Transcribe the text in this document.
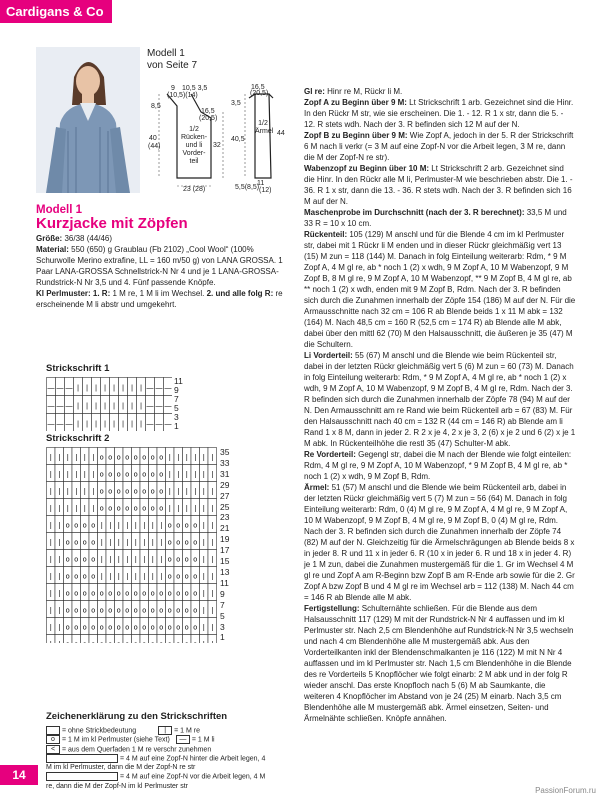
Cardigans & Co
Modell 1
von Seite 7
9 10,5 3,5
(10,5)(14)
16,5
(20,5)
8,5
40
(44)
1/2
Rücken-
und li
Vorder-
teil
32
23 (28)
16,5
(20,5)
3,5
1/2
Ärmel
40,5
44
5,5(8,5)
11
(12)
Modell 1
Kurzjacke mit Zöpfen

Größe: 36/38 (44/46)

Material: 550 (650) g Graublau (Fb 2102) „Cool Wool“ (100% Schurwolle Merino extrafine, LL = 160 m/50 g) von LANA GROSSA. 1 Paar LANA-GROSSA Schnellstrick-N Nr 4 und je 1 LANA-GROSSA-Rundstrick-N Nr 3,5 und 4. Fünf passende Knöpfe.

Kl Perlmuster: 1. R: 1 M re, 1 M li im Wechsel. 2. und alle folg R: re erscheinende M li abstr und umgekehrt.

Strickschrift 1
— — — | | | | | | | | — — —
— — — | | | | | | | | — — —
— — — | | | | | | | | — — —
11
9
7
5
3
1
Strickschrift 2
| | | | | | o o o o o o o o | | | | | |
| | | | | | o o o o o o o o | | | | | |
| | | | | | o o o o o o o o | | | | | |
| | | | | | o o o o o o o o | | | | | |
| | o o o o | | | | | | | | o o o o | |
| | o o o o | | | | | | | | o o o o | |
| | o o o o | | | | | | | | o o o o | |
| | o o o o | | | | | | | | o o o o | |
| | o o o o o o o o o o o o o o o o | |
| | o o o o o o o o o o o o o o o o | |
| | o o o o o o o o o o o o o o o o | |
35
33
31
29
27
25
23
21
19
17
15
13
11
9
7
5
3
1
Zeichenerklärung zu den Strickschriften
= ohne Strickbedeutung	| = 1 M re
o = 1 M im kl Perlmuster (siehe Text)	— = 1 M li
< = aus dem Querfaden 1 M re verschr zunehmen
= 4 M auf eine Zopf-N hinter die Arbeit legen, 4 M im kl Perlmuster, dann die M der Zopf-N re str
= 4 M auf eine Zopf-N vor die Arbeit legen, 4 M re, dann die M der Zopf-N im kl Perlmuster str

Gl re: Hinr re M, Rückr li M.

Zopf A zu Beginn über 9 M: Lt Strickschrift 1 arb. Gezeichnet sind die Hinr. In den Rückr M str, wie sie erscheinen. Die 1. - 12. R 1 x str, dann die 5. - 12. R stets wdh. Nach der 3. R befinden sich 12 M auf der N.

Zopf B zu Beginn über 9 M: Wie Zopf A, jedoch in der 5. R der Strickschrift 6 M nach li verkr (= 3 M auf eine Zopf-N vor die Arbeit legen, 3 M re, dann die M der Zopf-N re str).

Wabenzopf zu Beginn über 10 M: Lt Strickschrift 2 arb. Gezeichnet sind die Hinr. In den Rückr alle M li, Perlmuster-M wie beschrieben abstr. Die 1. - 36. R 1 x str, dann die 13. - 36. R stets wdh. Nach der 3. R befinden sich 16 M auf der N.

Maschenprobe im Durchschnitt (nach der 3. R berechnet): 33,5 M und 33 R = 10 x 10 cm.

Rückenteil: 105 (129) M anschl und für die Blende 4 cm im kl Perlmuster str, dabei mit 1 Rückr li M enden und in dieser Rückr gleichmäßig vert 13 (15) M zun = 118 (144) M. Danach in folg Einteilung weiterarb: Rdm, * 9 M Zopf A, 4 M gl re, ab * noch 1 (2) x wdh, 9 M Zopf A, 10 M Wabenzopf, 9 M Zopf B, 8 M gl re, 9 M Zopf A, 10 M Wabenzopf, ** 9 M Zopf B, 4 M gl re, ab ** noch 1 (2) x wdh, enden mit 9 M Zopf B, Rdm. Nach der 3. R befinden sich durch die Zunahmen innerhalb der Zöpfe 154 (186) M auf der N. Für die Armausschnitte nach 32 cm = 106 R ab Blende beids 1 x 11 M abk = 132 (164) M. Nach 48,5 cm = 160 R (52,5 cm = 174 R) ab Blende alle M abk, dabei über den mittl 62 (70) M den Halsausschnitt, die äußeren je 35 (47) M die Schultern.

Li Vorderteil: 55 (67) M anschl und die Blende wie beim Rückenteil str, dabei in der letzten Rückr gleichmäßig vert 5 (6) M zun = 60 (73) M. Danach in folg Einteilung weiterarb: Rdm, * 9 M Zopf A, 4 M gl re, ab * noch 1 (2) x wdh, 9 M Zopf A, 10 M Wabenzopf, 9 M Zopf B, 4 M gl re, Rdm. Nach der 3. R befinden sich durch die Zunahmen innerhalb der Zöpfe 78 (94) M auf der N. Den Armausschnitt am re Rand wie beim Rückenteil arb = 67 (83) M. Für den Halsausschnitt nach 40 cm = 132 R (44 cm = 146 R) ab Blende am li Rand 1 x 8 M, dann in jeder 2. R 2 x je 4, 2 x je 3, 2 (6) x je 2 und 6 (2) x je 1 M abk. In Rückenteilhöhe die restl 35 (47) Schulter-M abk.

Re Vorderteil: Gegengl str, dabei die M nach der Blende wie folgt einteilen: Rdm, 4 M gl re, 9 M Zopf A, 10 M Wabenzopf, * 9 M Zopf B, 4 M gl re, ab * noch 1 (2) x wdh, 9 M Zopf B, Rdm.

Ärmel: 51 (57) M anschl und die Blende wie beim Rückenteil arb, dabei in der letzten Rückr gleichmäßig vert 5 (7) M zun = 56 (64) M. Danach in folg Einteilung weiterarb: Rdm, 0 (4) M gl re, 9 M Zopf A, 4 M gl re, 9 M Zopf A, 10 M Wabenzopf, 9 M Zopf B, 4 M gl re, 9 M Zopf B, 0 (4) M gl re, Rdm. Nach der 3. R befinden sich durch die Zunahmen innerhalb der Zöpfe 74 (82) M auf der N. Gleichzeitig für die Ärmelschrägungen ab Blende beids 8 x in jeder 8. R und 11 x in jeder 6. R (10 x in jeder 6. R und 18 x in jeder 4. R) je 1 M zun, dabei die Zunahmen mustergemäß für die 1. Gr im Wechsel 4 M gl re und Zopf A am R-Beginn bzw Zopf B am R-Ende arb sowie für die 2. Gr Zopf A bzw Zopf B und 4 M gl re im Wechsel arb = 112 (138) M. Nach 44 cm = 146 R ab Blende alle M abk.

Fertigstellung: Schulternähte schließen. Für die Blende aus dem Halsausschnitt 117 (129) M mit der Rundstrick-N Nr 4 auffassen und im kl Perlmuster str. Nach 2,5 cm Blendenhöhe auf Rundstrick-N Nr 3,5 wechseln und nach 4 cm Blendenhöhe alle M mustergemäß abk. Aus den Vorderteilkanten inkl der Blendenschmalkanten je 116 (122) M mit N Nr 4 auffassen und im kl Perlmuster str. Nach 1,5 cm Blendenhöhe in die Blende des re Vorderteils 5 Knopflöcher wie folgt einarb: 2 M abk und in der folg R wieder anschl. Das erste Knopfloch nach 5 (6) M ab Saumkante, die weiteren 4 Knopflöcher im Abstand von je 24 (25) M einarb. Nach 3,5 cm Blendenhöhe alle M mustergemäß abk. Ärmel einsetzen, Seiten- und Ärmelnähte schließen. Knöpfe annähen.

14
PassionForum.ru
